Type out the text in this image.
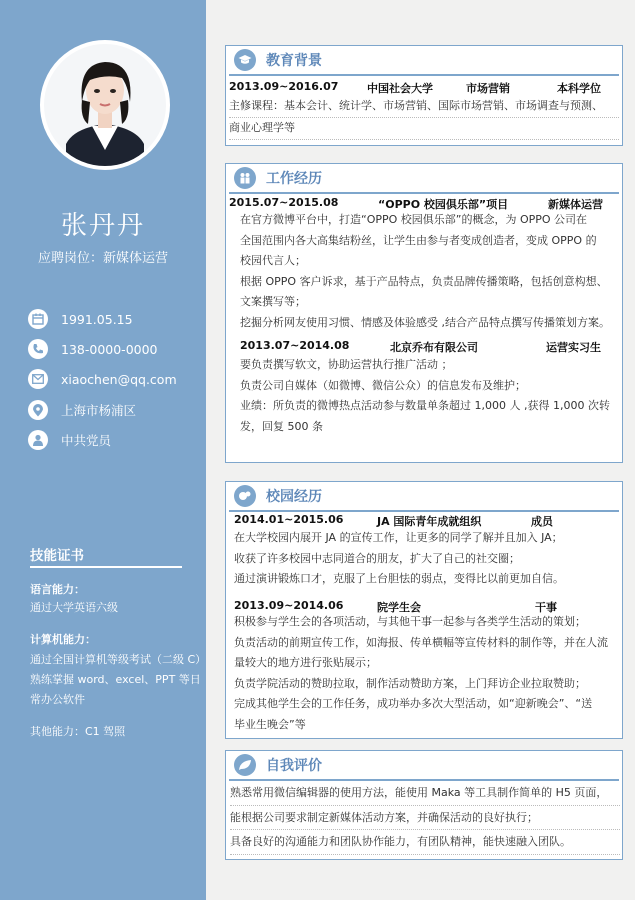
张丹丹
应聘岗位：新媒体运营
1991.05.15
138-0000-0000
xiaochen@qq.com
上海市杨浦区
中共党员
技能证书
语言能力：
通过大学英语六级
计算机能力：
通过全国计算机等级考试（二级 C）
熟练掌握 word、excel、PPT 等日
常办公软件
其他能力：C1 驾照
教育背景
2013.09~2016.07	中国社会大学	市场营销	本科学位
主修课程：基本会计、统计学、市场营销、国际市场营销、市场调查与预测、
商业心理学等
工作经历
2015.07~2015.08	“OPPO 校园俱乐部”项目	新媒体运营
在官方微博平台中，打造“OPPO 校园俱乐部”的概念，为 OPPO 公司在
全国范围内各大高集结粉丝，让学生由参与者变成创造者，变成 OPPO 的
校园代言人；
根据 OPPO 客户诉求，基于产品特点，负责品牌传播策略，包括创意构想、
文案撰写等；
挖掘分析网友使用习惯、情感及体验感受 ,结合产品特点撰写传播策划方案。
2013.07~2014.08	北京乔布有限公司	运营实习生
要负责撰写软文，协助运营执行推广活动 ；
负责公司自媒体（如微博、微信公众）的信息发布及维护；
业绩：所负责的微博热点活动参与数量单条超过 1,000 人 ,获得 1,000 次转
发，回复 500 条
校园经历
2014.01~2015.06	JA 国际青年成就组织	成员
在大学校园内展开 JA 的宣传工作，让更多的同学了解并且加入 JA；
收获了许多校园中志同道合的朋友，扩大了自己的社交圈；
通过演讲锻炼口才，克服了上台胆怯的弱点，变得比以前更加自信。
2013.09~2014.06	院学生会	干事
积极参与学生会的各项活动，与其他干事一起参与各类学生活动的策划；
负责活动的前期宣传工作，如海报、传单横幅等宣传材料的制作等，并在人流
量较大的地方进行张贴展示；
负责学院活动的赞助拉取，制作活动赞助方案，上门拜访企业拉取赞助；
完成其他学生会的工作任务，成功举办多次大型活动，如“迎新晚会”、“送
毕业生晚会”等
自我评价
熟悉常用微信编辑器的使用方法，能使用 Maka 等工具制作简单的 H5 页面，
能根据公司要求制定新媒体活动方案，并确保活动的良好执行；
具备良好的沟通能力和团队协作能力，有团队精神，能快速融入团队。
